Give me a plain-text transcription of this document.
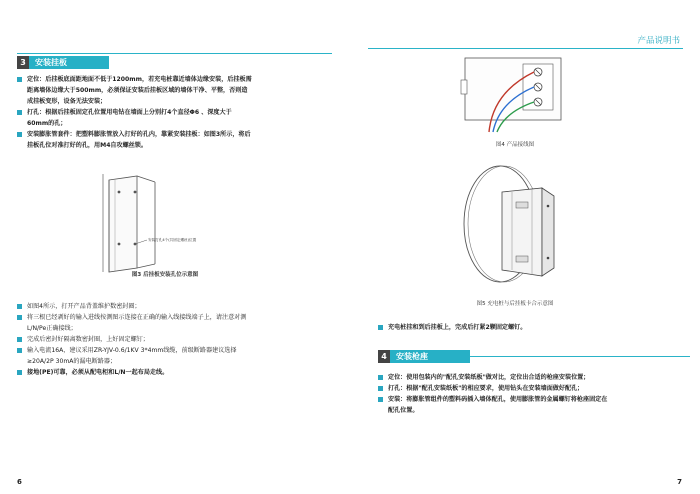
3	安装挂板
定位：后挂板底面距地面不低于1200mm，若充电桩靠近墙体边缘安装，后挂板需
距离墙体边缘大于500mm，必须保证安装后挂板区域的墙体干净、平整，否则造
成挂板变形，设备无法安装；
打孔：根据后挂板固定孔位置用电钻在墙面上分别打4个直径Φ6 、深度大于
60mm的孔；
安装膨胀管套件：把塑料膨胀管放入打好的孔内，靠紧安装挂板：如图3所示，将后
挂板孔位对准打好的孔，用M4自攻螺丝锁。
安装打孔4个(共固定螺丝)位置
图3 后挂板安装孔位示意图
如图4所示，打开产品背盖维护数密封圈；
将三根已经剥好的输入进线按测图示连接在正确的输入线接线端子上，请注意对测
L/N/Pe正确接线；
完成后密封好隔离数密封圈，上好固定螺钉；
输入电流16A，建议采用ZR-YJV-0.6/1KV 3*4mm线缆，前级断路器建议选择
≥20A/2P 30mA的漏电断路器；
接地(PE)可靠，必须从配电柜和L/N一起布局走线。
6
产品说明书
图4 产品接线图
图5 充电桩与后挂板卡合示意图
充电桩挂和到后挂板上，完成后打紧2颗固定螺钉。
4	安装枪座
定位：使用包装内的"配孔安装纸板"做对比，定位出合适的枪座安装位置；
打孔：根据"配孔安装纸板"的相应要求，使用钻头在安装墙面做好配孔；
安装：将膨胀管组件的塑料码插入墙体配孔，使用膨胀管的金属螺钉将枪座固定在
配孔位置。
7
